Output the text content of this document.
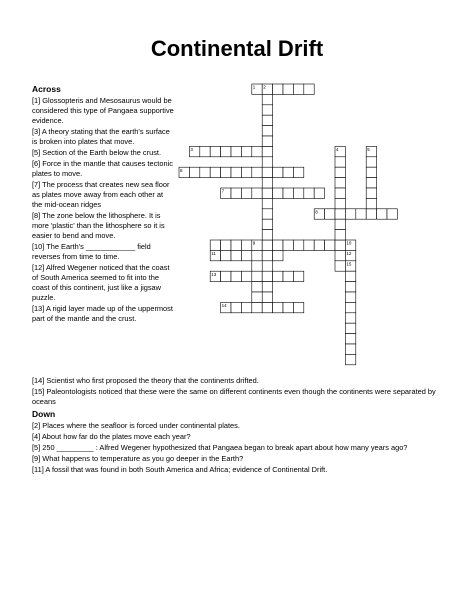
Continental Drift
1 2
3	4	5
6
7
8
9	10
11	12
13
14
15
Across

[1] Glossopteris and Mesosaurus would be considered this type of Pangaea supportive evidence.

[3] A theory stating that the earth's surface is broken into plates that move.

[5] Section of the Earth below the crust.

[6] Force in the mantle that causes tectonic plates to move.

[7] The process that creates new sea floor as plates move away from each other at the mid-ocean ridges

[8] The zone below the lithosphere. It is more 'plastic' than the lithosphere so it is easier to bend and move.

[10] The Earth's ____________ field reverses from time to time.

[12] Alfred Wegener noticed that the coast of South America seemed to fit into the coast of this continent, just like a jigsaw puzzle.

[13] A rigid layer made up of the uppermost part of the mantle and the crust.

[14] Scientist who first proposed the theory that the continents drifted.

[15] Paleontologists noticed that these were the same on different continents even though the continents were separated by oceans

Down

[2] Places where the seafloor is forced under continental plates.

[4] About how far do the plates move each year?

[5] 250 _________ : Alfred Wegener hypothesized that Pangaea began to break apart about how many years ago?

[9] What happens to temperature as you go deeper in the Earth?

[11] A fossil that was found in both South America and Africa; evidence of Continental Drift.
